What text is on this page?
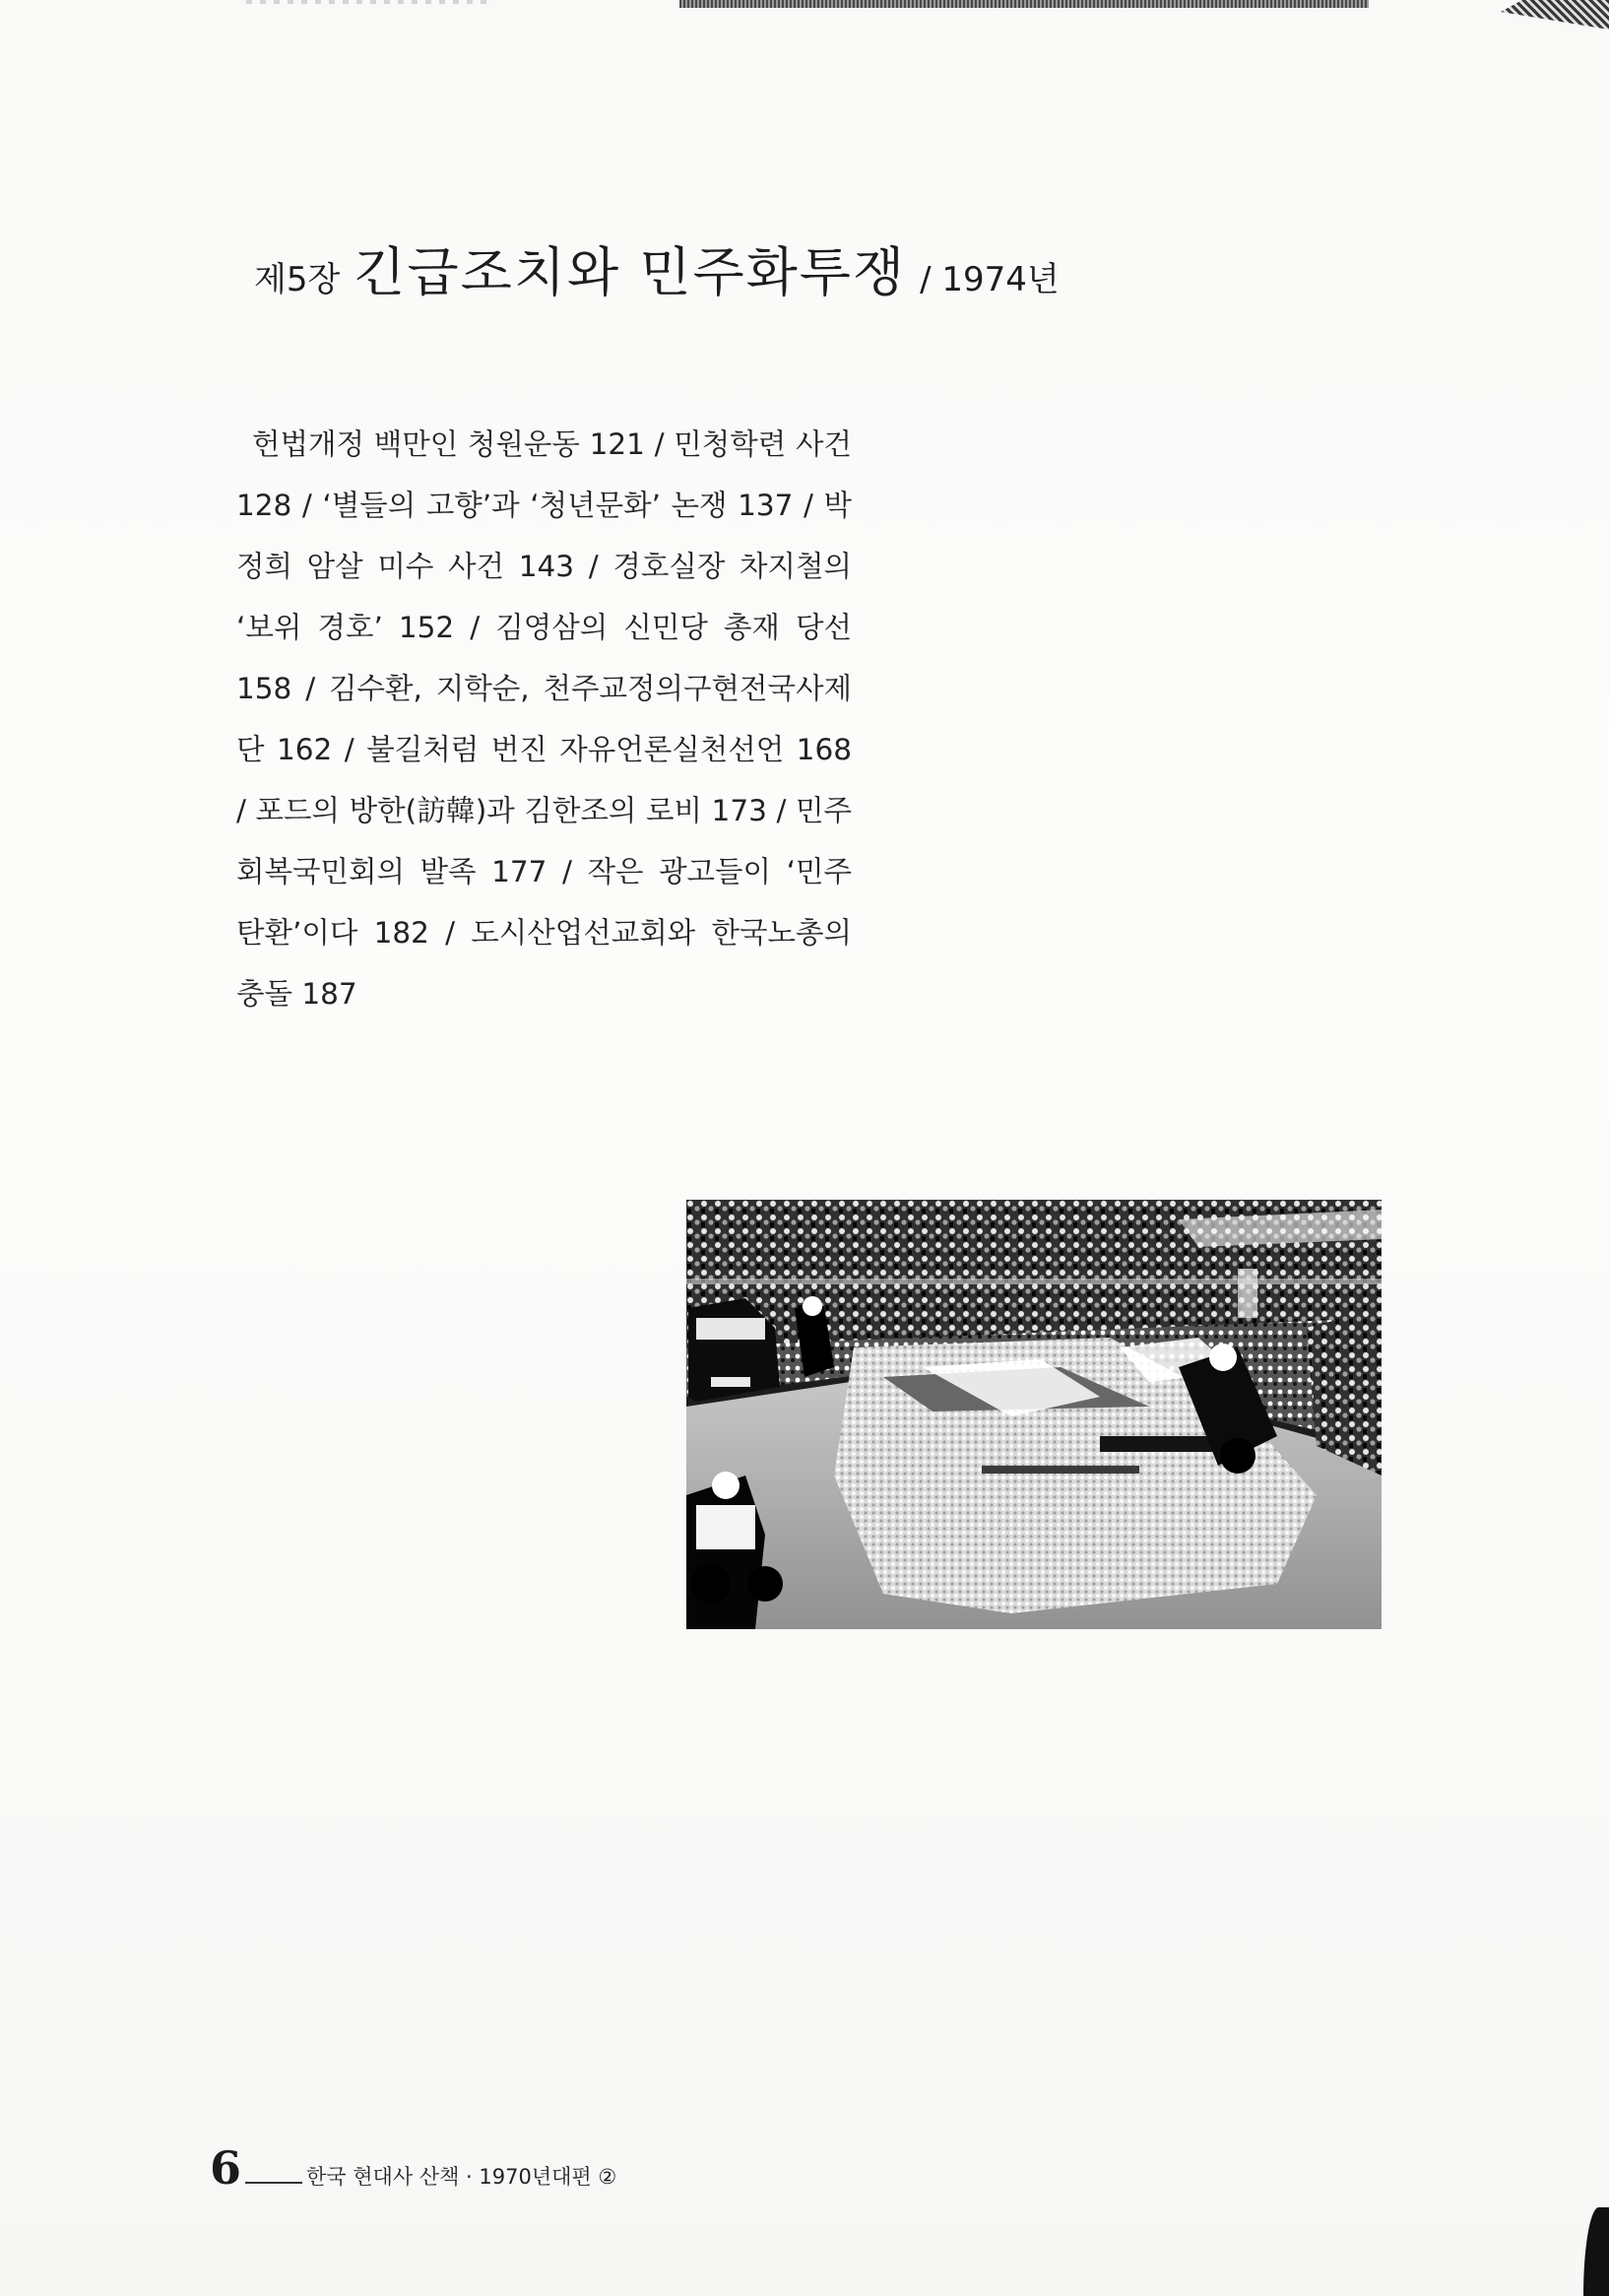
제5장 긴급조치와 민주화투쟁 / 1974년

헌법개정 백만인 청원운동 121 / 민청학련 사건 128 / ‘별들의 고향’과 ‘청년문화’ 논쟁 137 / 박정희 암살 미수 사건 143 / 경호실장 차지철의 ‘보위 경호’ 152 / 김영삼의 신민당 총재 당선 158 / 김수환, 지학순, 천주교정의구현전국사제단 162 / 불길처럼 번진 자유언론실천선언 168 / 포드의 방한(訪韓)과 김한조의 로비 173 / 민주회복국민회의 발족 177 / 작은 광고들이 ‘민주 탄환’이다 182 / 도시산업선교회와 한국노총의 충돌 187

6	한국 현대사 산책 · 1970년대편 ②
